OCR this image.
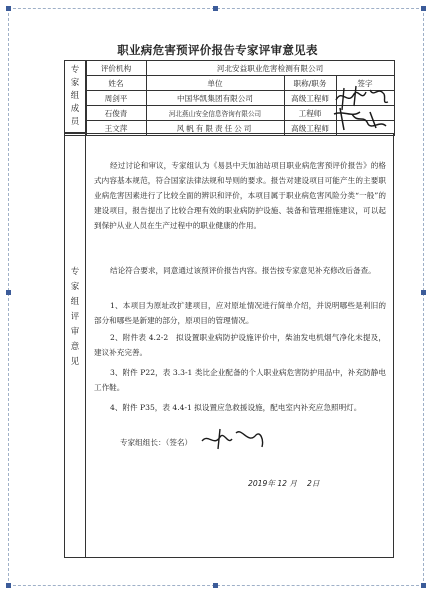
职业病危害预评价报告专家评审意见表
专家组成员
	评价机构	河北安益职业危害检测有限公司		
	姓名	单位	职称/职务	签字
	周剑平	中国华凯集团有限公司	高级工程师	
	石俊青	河北燕山安全信息咨询有限公司	工程师	
	王文萍	风帆有限责任公司	高级工程师	
专家组评审意见
经过讨论和审议，专家组认为《易县中天加油站项目职业病危害预评价报告》的格式内容基本规范，符合国家法律法规和导则的要求。报告对建设项目可能产生的主要职业病危害因素进行了比较全面的辨识和评价，本项目属于职业病危害风险分类“一般”的建设项目，报告提出了比较合理有效的职业病防护设施、装备和管理措施建议，可以起到保护从业人员在生产过程中的职业健康的作用。
结论符合要求，同意通过该预评价报告内容。报告按专家意见补充修改后备查。
1、本项目为原址改扩建项目，应对原址情况进行简单介绍，并说明哪些是利旧的部分和哪些是新建的部分，原项目的管理情况。
2、附件表 4.2-2　拟设置职业病防护设施评价中，柴油发电机烟气净化未提及，建议补充完善。
3、附件 P22，表 3.3-1 类比企业配备的个人职业病危害防护用品中，补充防静电工作鞋。
4、附件 P35，表 4.4-1 拟设置应急救援设施，配电室内补充应急照明灯。
专家组组长：（签名）
2019年 12 月　 2日
